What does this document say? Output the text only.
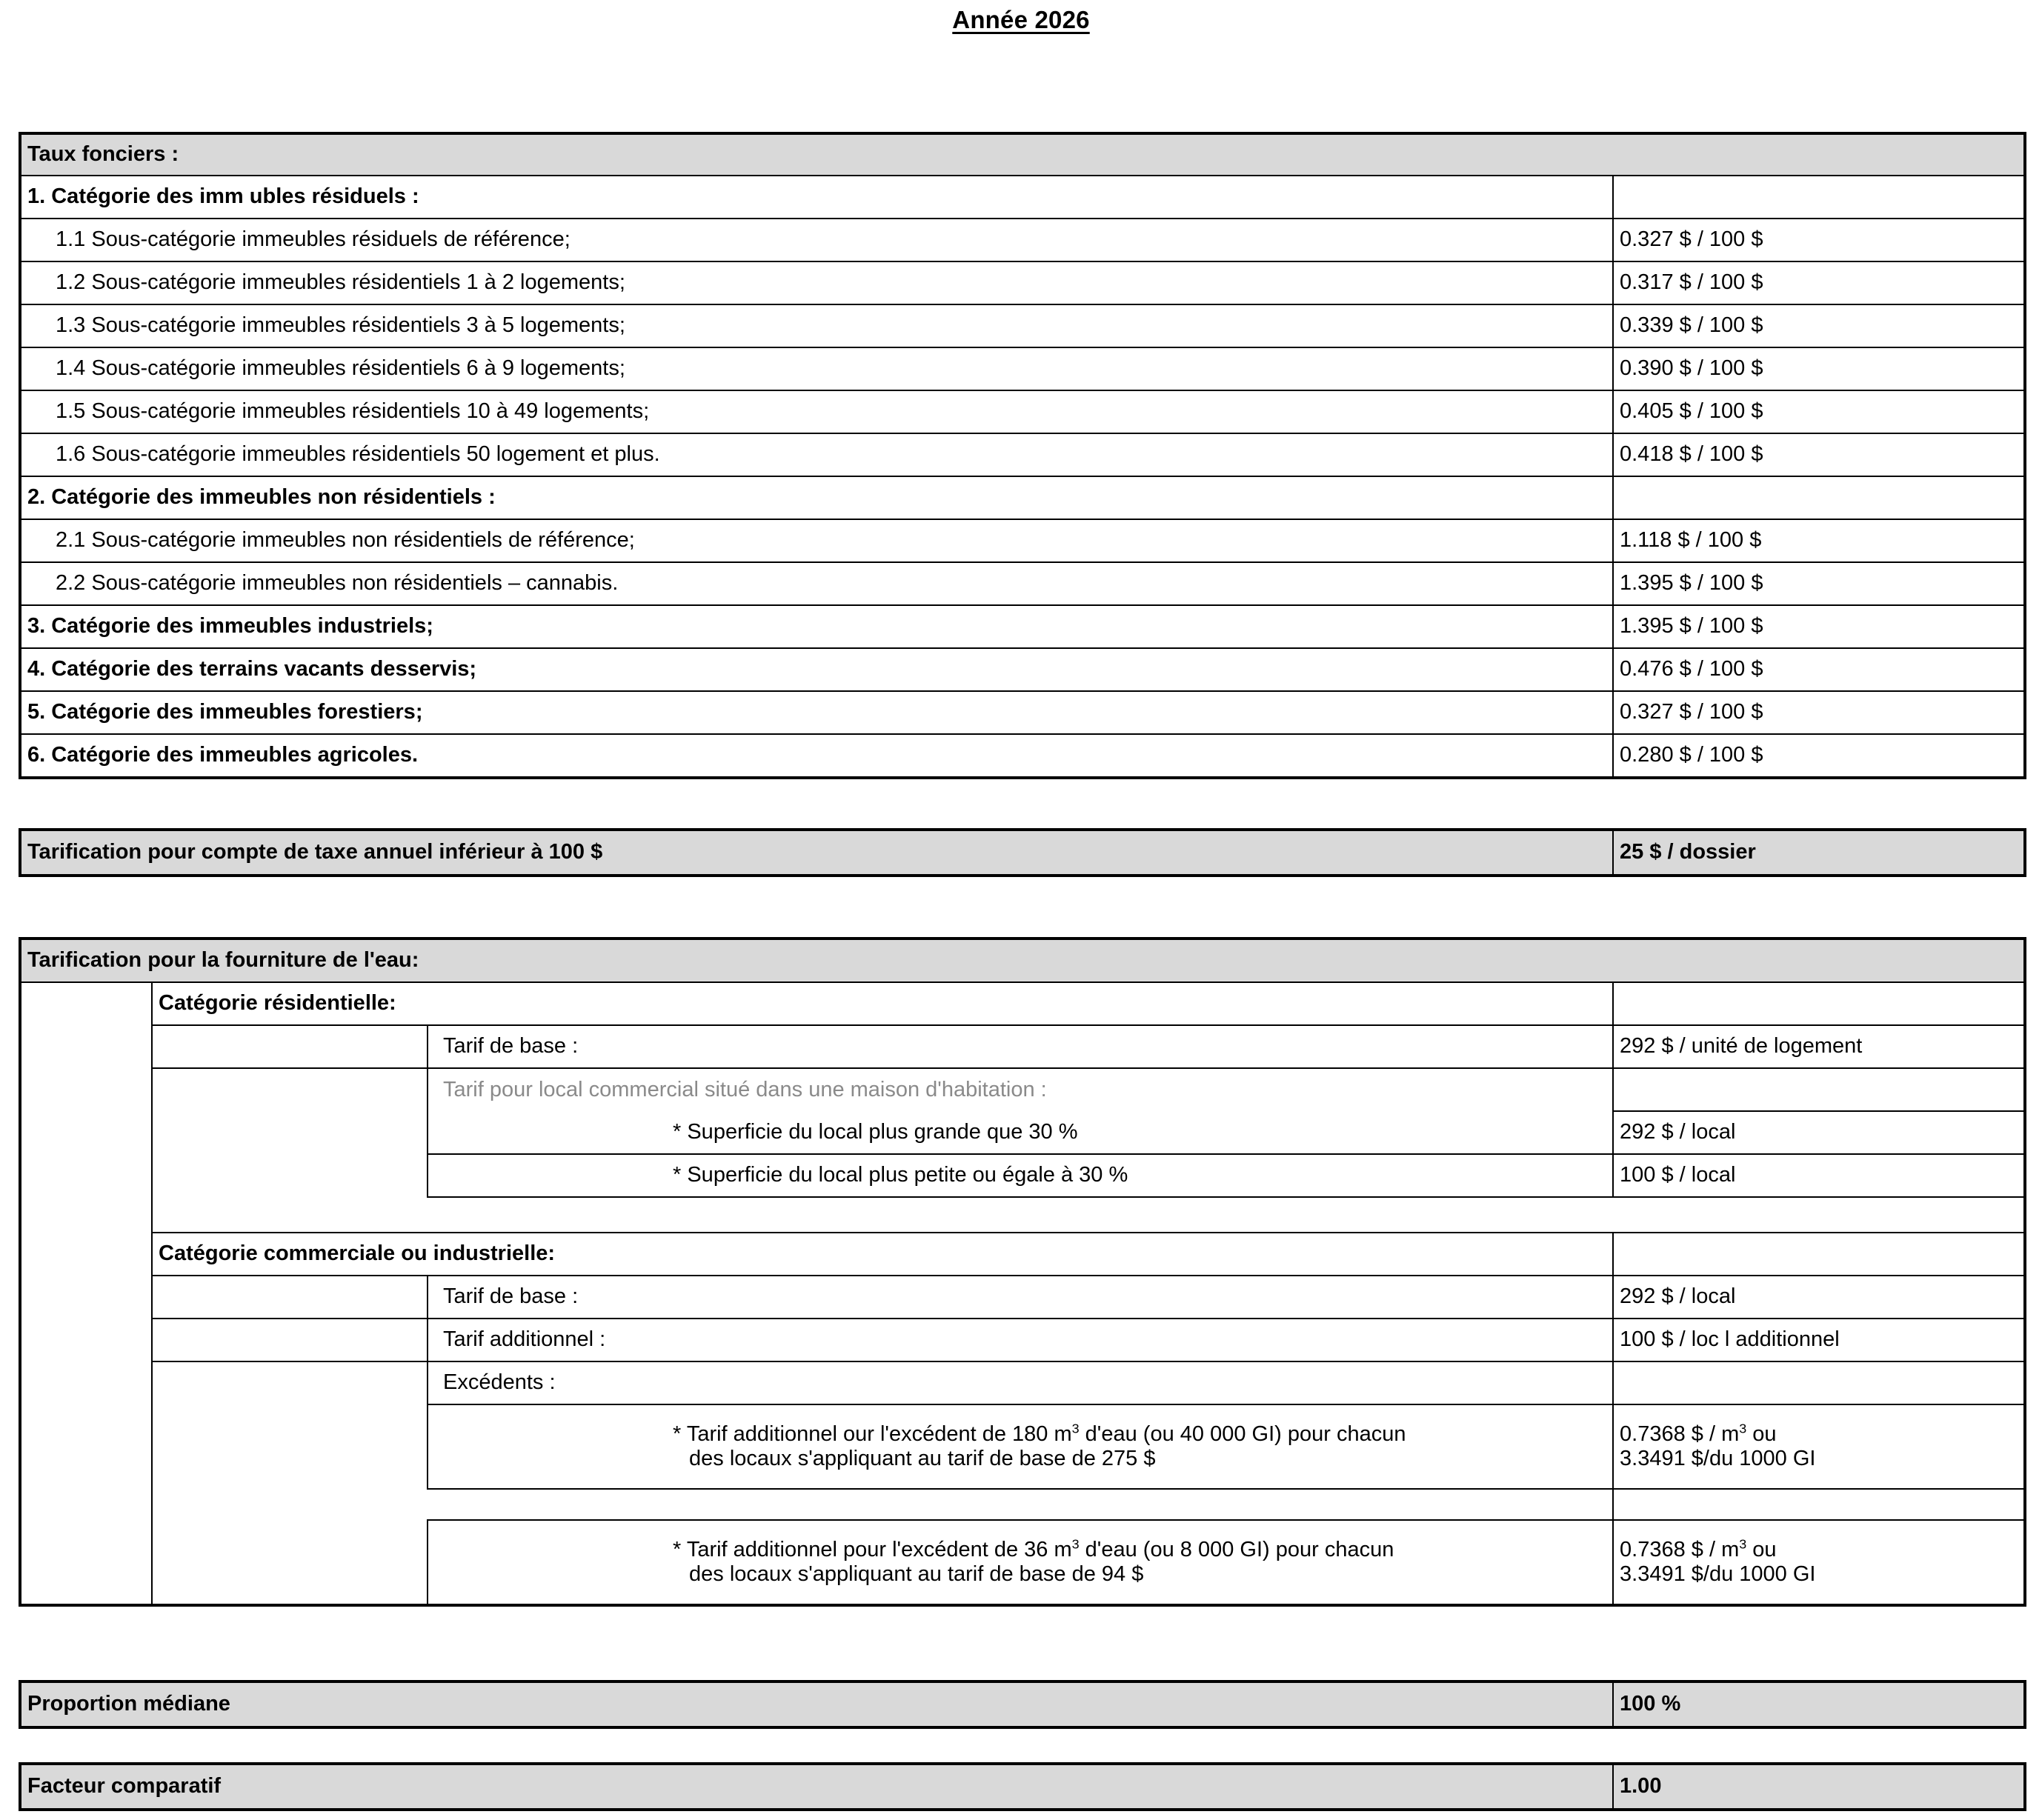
Année 2026
Taux fonciers :	
1. Catégorie des imm ubles résiduels :	
1.1 Sous-catégorie immeubles résiduels de référence;	0.327 $ / 100 $
1.2 Sous-catégorie immeubles résidentiels 1 à 2 logements;	0.317 $ / 100 $
1.3 Sous-catégorie immeubles résidentiels 3 à 5 logements;	0.339 $ / 100 $
1.4 Sous-catégorie immeubles résidentiels 6 à 9 logements;	0.390 $ / 100 $
1.5 Sous-catégorie immeubles résidentiels 10 à 49 logements;	0.405 $ / 100 $
1.6 Sous-catégorie immeubles résidentiels 50 logement et plus.	0.418 $ / 100 $
2. Catégorie des immeubles non résidentiels :	
2.1 Sous-catégorie immeubles non résidentiels de référence;	1.118 $ / 100 $
2.2 Sous-catégorie immeubles non résidentiels – cannabis.	1.395 $ / 100 $
3. Catégorie des immeubles industriels;	1.395 $ / 100 $
4. Catégorie des terrains vacants desservis;	0.476 $ / 100 $
5. Catégorie des immeubles forestiers;	0.327 $ / 100 $
6. Catégorie des immeubles agricoles.	0.280 $ / 100 $
Tarification pour compte de taxe annuel inférieur à 100 $	25 $ / dossier
Tarification pour la fourniture de l'eau:			
	Catégorie résidentielle:		
		Tarif de base :	292 $ / unité de logement
		Tarif pour local commercial situé dans une maison d'habitation :	
		* Superficie du local plus grande que 30 %	292 $ / local
		* Superficie du local plus petite ou égale à 30 %	100 $ / local

	Catégorie commerciale ou industrielle:		
		Tarif de base :	292 $ / local
		Tarif additionnel :	100 $ / loc l additionnel
		Excédents :	
		* Tarif additionnel our l'excédent de 180 $m^3$ d'eau (ou 40 000 GI) pour chacun
des locaux s'appliquant au tarif de base de 275 $	0.7368 $ / $m^3$ ou
3.3491 $/du 1000 GI

		* Tarif additionnel pour l'excédent de 36 $m^3$ d'eau (ou 8 000 GI) pour chacun
des locaux s'appliquant au tarif de base de 94 $	0.7368 $ / $m^3$ ou
3.3491 $/du 1000 GI
Proportion médiane	100 %
Facteur comparatif	1.00
